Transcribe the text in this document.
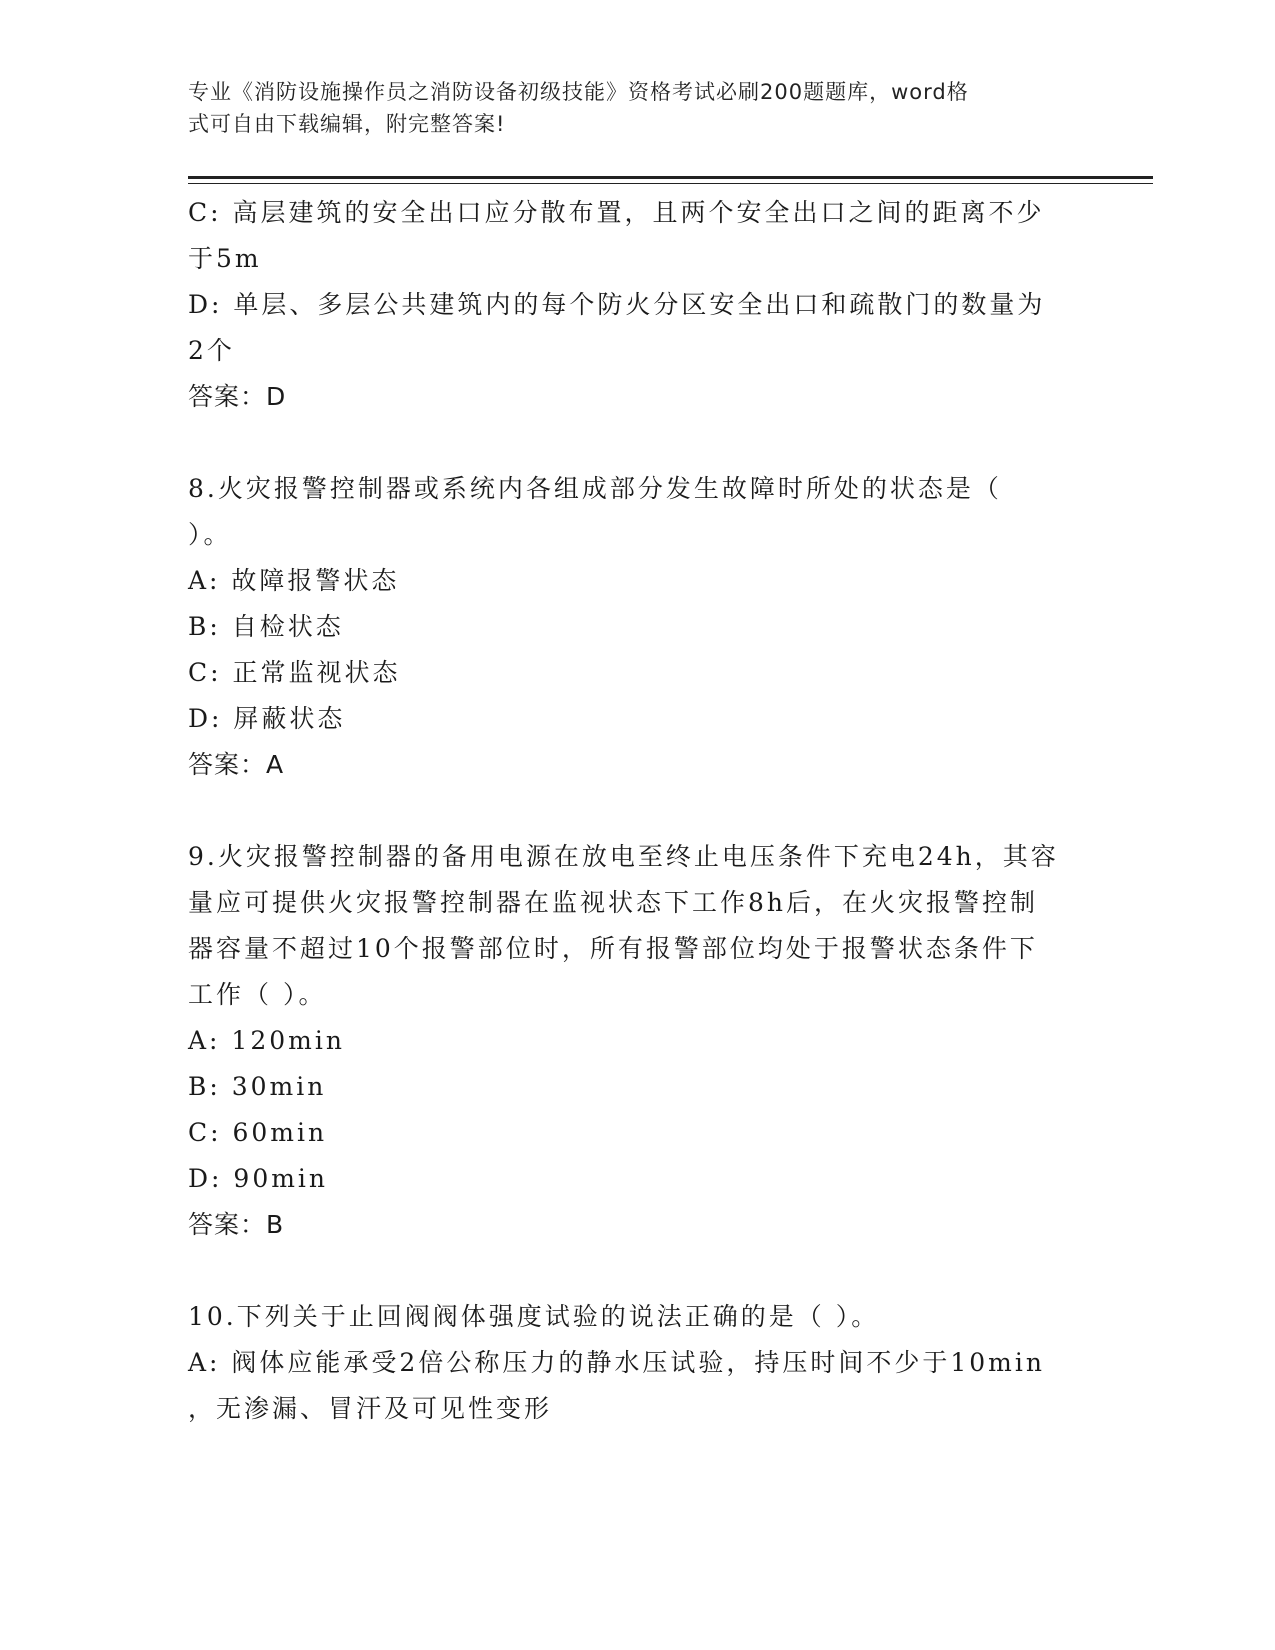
专业《消防设施操作员之消防设备初级技能》资格考试必刷200题题库，word格
式可自由下载编辑，附完整答案!
C: 高层建筑的安全出口应分散布置，且两个安全出口之间的距离不少
于5m
D: 单层、多层公共建筑内的每个防火分区安全出口和疏散门的数量为
2个
答案：D
8.火灾报警控制器或系统内各组成部分发生故障时所处的状态是（
）。
A: 故障报警状态
B: 自检状态
C: 正常监视状态
D: 屏蔽状态
答案：A
9.火灾报警控制器的备用电源在放电至终止电压条件下充电24h，其容
量应可提供火灾报警控制器在监视状态下工作8h后，在火灾报警控制
器容量不超过10个报警部位时，所有报警部位均处于报警状态条件下
工作（ ）。
A: 120min
B: 30min
C: 60min
D: 90min
答案：B
10.下列关于止回阀阀体强度试验的说法正确的是（ ）。
A: 阀体应能承受2倍公称压力的静水压试验，持压时间不少于10min
，无渗漏、冒汗及可见性变形
